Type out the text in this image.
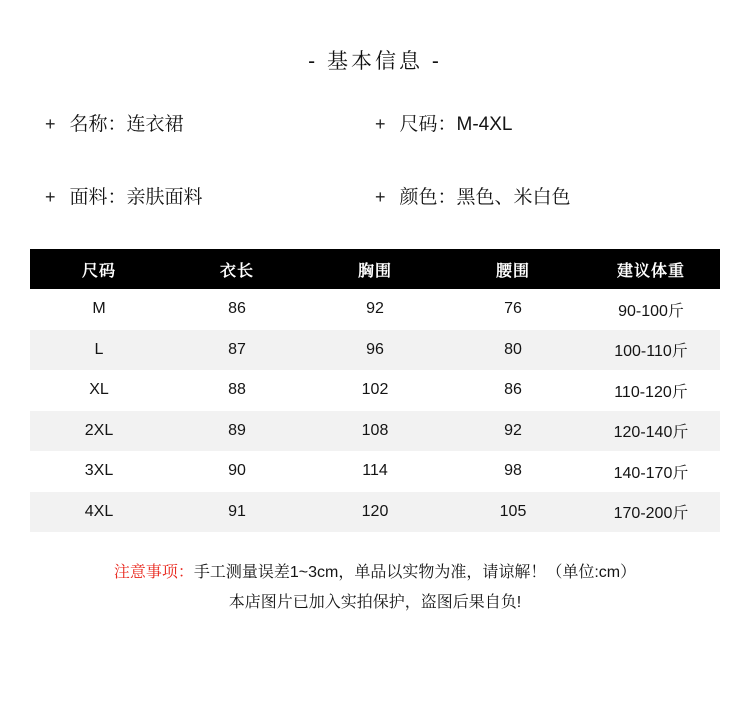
- 基本信息 -
+ 名称： 连衣裙	+ 尺码： M-4XL
+ 面料： 亲肤面料	+ 颜色： 黑色、米白色
尺码	衣长	胸围	腰围	建议体重
M	86	92	76	90-100斤
L	87	96	80	100-110斤
XL	88	102	86	110-120斤
2XL	89	108	92	120-140斤
3XL	90	114	98	140-170斤
4XL	91	120	105	170-200斤
注意事项：手工测量误差1~3cm，单品以实物为准，请谅解！（单位:cm）
本店图片已加入实拍保护，盗图后果自负!
